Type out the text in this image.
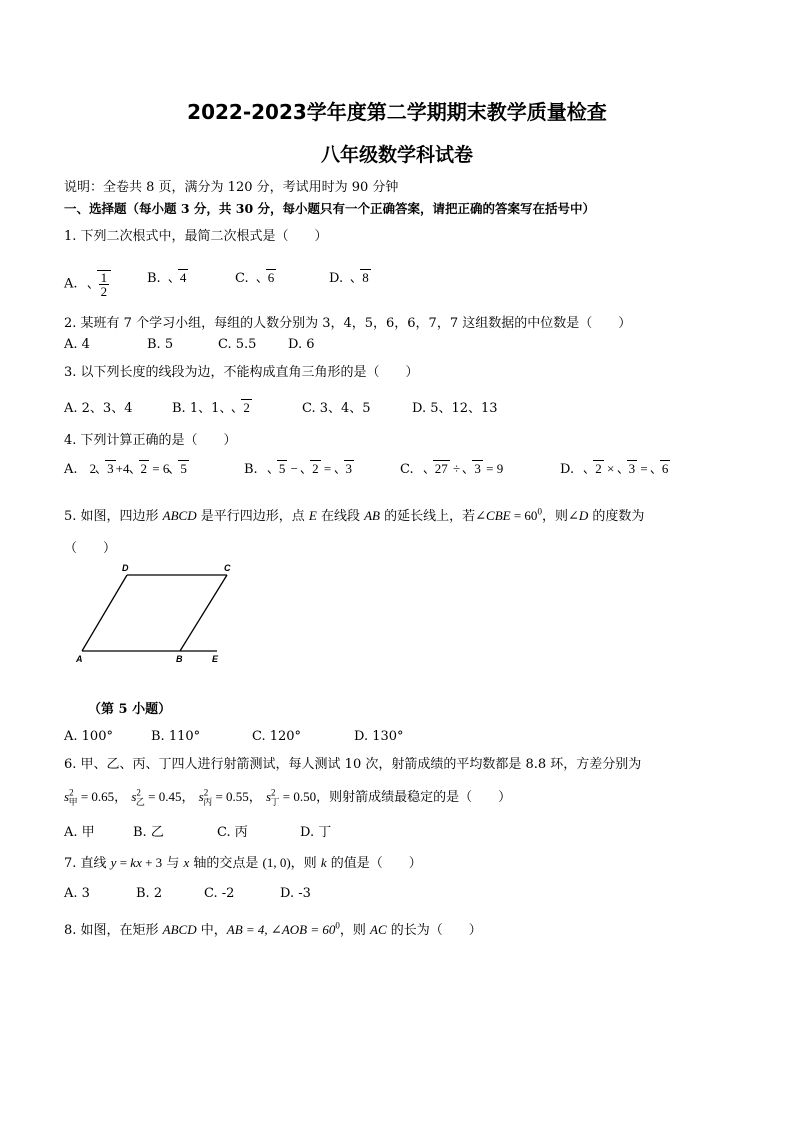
2022-2023学年度第二学期期末教学质量检查
八年级数学科试卷
说明：全卷共 8 页，满分为 120 分，考试用时为 90 分钟
一、选择题（每小题 3 分，共 30 分，每小题只有一个正确答案，请把正确的答案写在括号中）
1. 下列二次根式中，最简二次根式是（　　）
A. $\frac{1}{2}$	B. 4	C. 6	D. 8
2. 某班有 7 个学习小组，每组的人数分别为 3，4，5，6，6，7，7 这组数据的中位数是（　　）
A. 4	B. 5	C. 5.5 D. 6
3. 以下列长度的线段为边，不能构成直角三角形的是（　　）
A. 2、3、4	B. 1、1、 2	C. 3、4、5	D. 5、12、13
4. 下列计算正确的是（　　）
A. 2 3 +4 2 = 6 5	B. 5 − 2 = 3	C. 27 ÷ 3 = 9	D. 2 × 3 = 6
5. 如图，四边形 ABCD 是平行四边形，点 E 在线段 AB 的延长线上，若∠CBE = $60^0$，则∠D 的度数为
（　　）
D	C
A	B	E
（第 5 小题）
A. 100°	B. 110°	C. 120°	D. 130°
6. 甲、乙、丙、丁四人进行射箭测试，每人测试 10 次，射箭成绩的平均数都是 8.8 环，方差分别为
$s^2_甲 = 0.65$， $s^2_乙 = 0.45$， $s^2_丙 = 0.55$， $s^2_丁 = 0.50$，则射箭成绩最稳定的是（　　）
A. 甲	B. 乙	C. 丙	D. 丁
7. 直线 y = kx + 3 与 x 轴的交点是 (1, 0)，则 k 的值是（　　）
A. 3	B. 2	C. -2	D. -3
8. 如图，在矩形 ABCD 中，AB = 4, ∠AOB = $60^0$，则 AC 的长为（　　）
